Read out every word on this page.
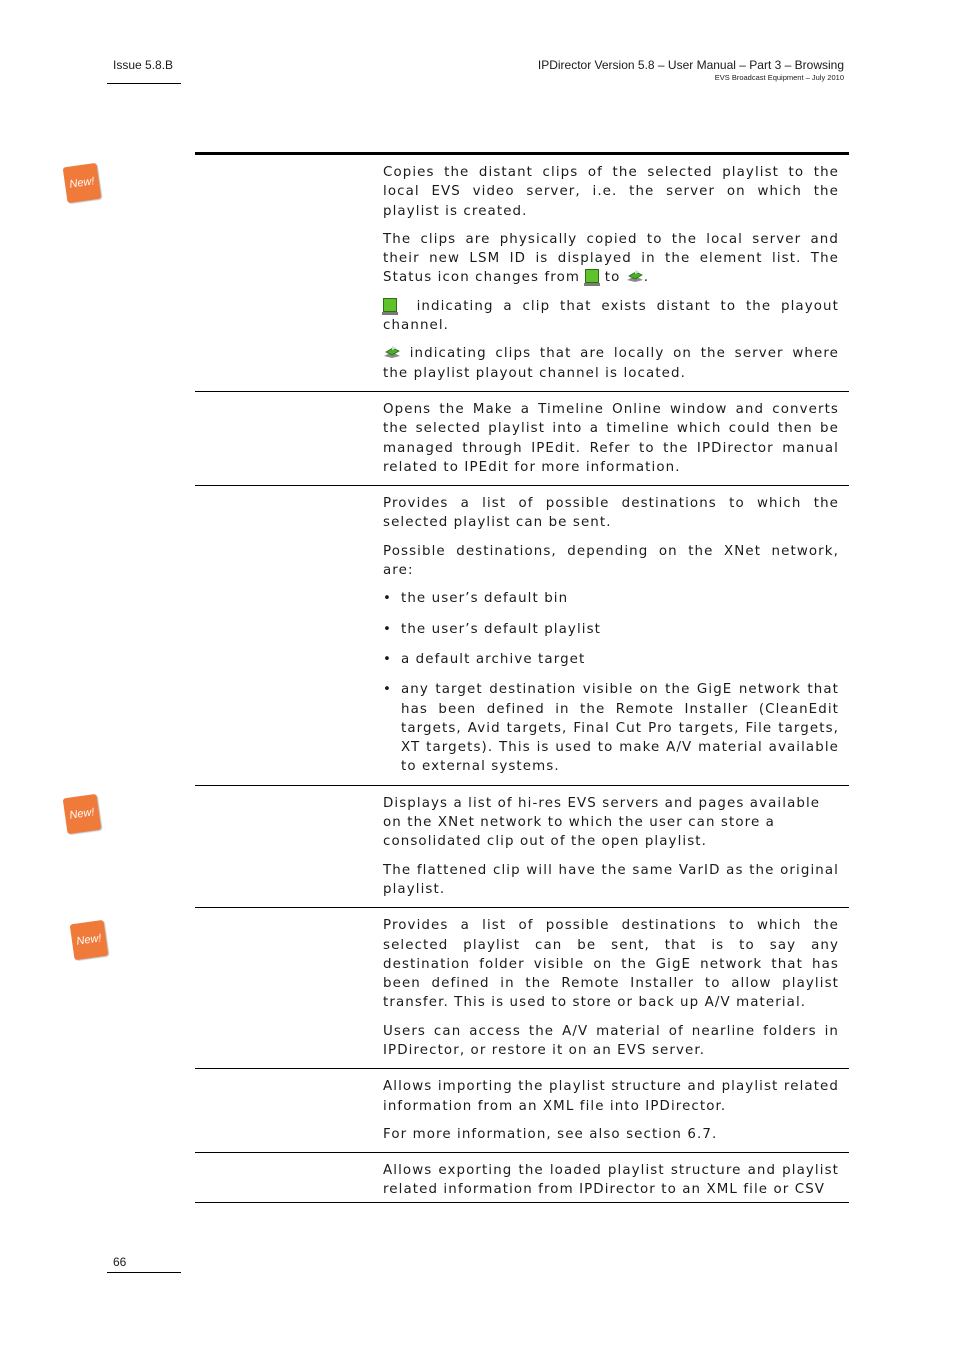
Issue 5.8.B	IPDirector Version 5.8 – User Manual – Part 3 – Browsing
EVS Broadcast Equipment – July 2010
New!
New!
New!

Copies the distant clips of the selected playlist to the local EVS video server, i.e. the server on which the playlist is created.

The clips are physically copied to the local server and their new LSM ID is displayed in the element list. The Status icon changes from to .

indicating a clip that exists distant to the playout channel.

indicating clips that are locally on the server where the playlist playout channel is located.

Opens the Make a Timeline Online window and converts the selected playlist into a timeline which could then be managed through IPEdit. Refer to the IPDirector manual related to IPEdit for more information.

Provides a list of possible destinations to which the selected playlist can be sent.

Possible destinations, depending on the XNet network, are:

• the user’s default bin
• the user’s default playlist
• a default archive target
• any target destination visible on the GigE network that has been defined in the Remote Installer (CleanEdit targets, Avid targets, Final Cut Pro targets, File targets, XT targets). This is used to make A/V material available to external systems.

Displays a list of hi-res EVS servers and pages available on the XNet network to which the user can store a consolidated clip out of the open playlist.

The flattened clip will have the same VarID as the original playlist.

Provides a list of possible destinations to which the selected playlist can be sent, that is to say any destination folder visible on the GigE network that has been defined in the Remote Installer to allow playlist transfer. This is used to store or back up A/V material.

Users can access the A/V material of nearline folders in IPDirector, or restore it on an EVS server.

Allows importing the playlist structure and playlist related information from an XML file into IPDirector.

For more information, see also section 6.7.

Allows exporting the loaded playlist structure and playlist related information from IPDirector to an XML file or CSV

66
